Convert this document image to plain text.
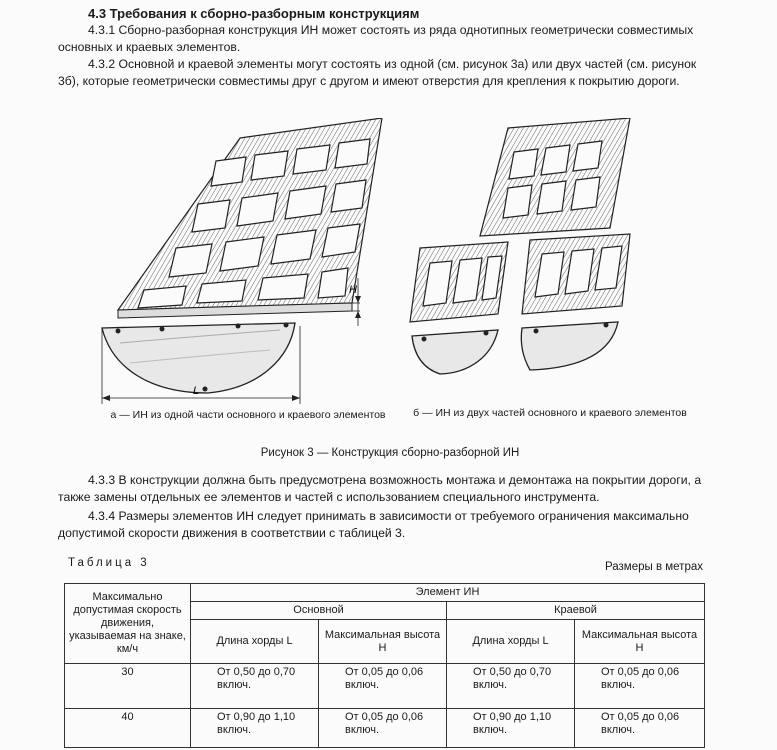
4.3 Требования к сборно-разборным конструкциям
4.3.1 Сборно-разборная конструкция ИН может состоять из ряда однотипных геометрически совместимых основных и краевых элементов.
4.3.2 Основной и краевой элементы могут состоять из одной (см. рисунок 3а) или двух частей (см. рисунок 3б), которые геометрически совместимы друг с другом и имеют отверстия для крепления к покрытию дороги.
L
H
а — ИН из одной части основного и краевого элементов	б — ИН из двух частей основного и краевого элементов
Рисунок 3 — Конструкция сборно-разборной ИН
4.3.3 В конструкции должна быть предусмотрена возможность монтажа и демонтажа на покрытии дороги, а также замены отдельных ее элементов и частей с использованием специального инструмента.
4.3.4 Размеры элементов ИН следует принимать в зависимости от требуемого ограничения максимально допустимой скорости движения в соответствии с таблицей 3.
Таблица 3	Размеры в метрах
Максимально допустимая скорость движения, указываемая на знаке, км/ч	Элемент ИН			
	Основной		Краевой	
	Длина хорды L	Максимальная высота H	Длина хорды L	Максимальная высота H
30	От 0,50 до 0,70 включ.	От 0,05 до 0,06 включ.	От 0,50 до 0,70 включ.	От 0,05 до 0,06 включ.
40	От 0,90 до 1,10 включ.	От 0,05 до 0,06 включ.	От 0,90 до 1,10 включ.	От 0,05 до 0,06 включ.
